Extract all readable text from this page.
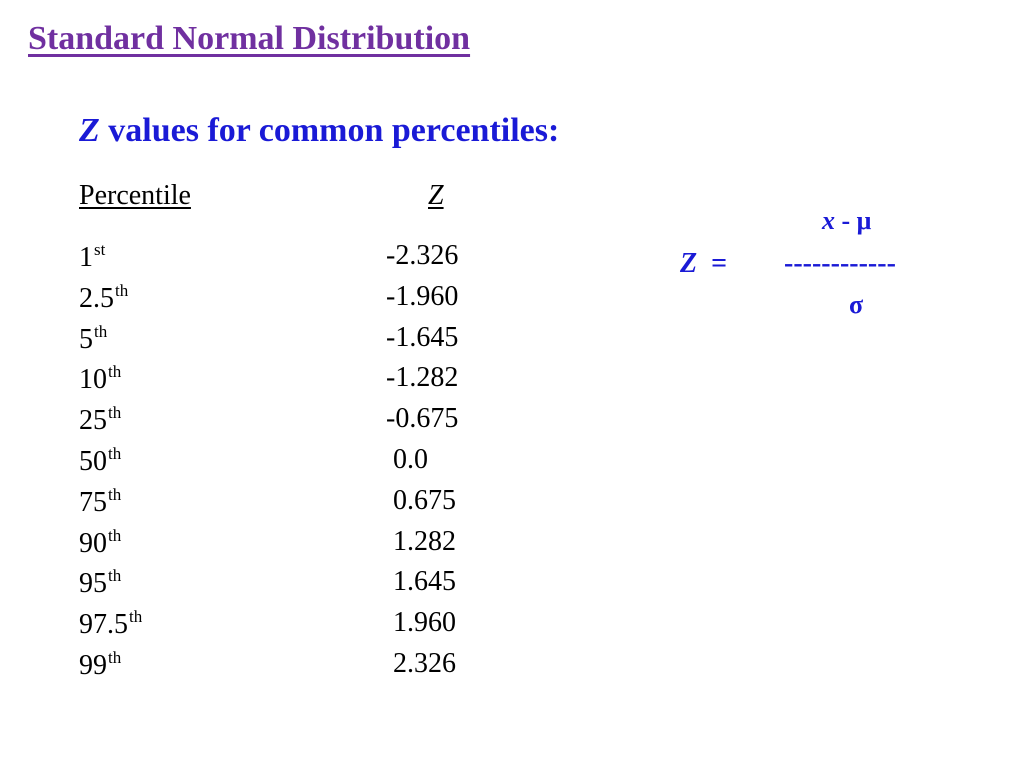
Standard Normal Distribution
Z values for common percentiles:
Percentile	Z
1st	-2.326
2.5th	-1.960
5th	-1.645
10th	-1.282
25th	-0.675
50th	0.0
75th	0.675
90th	1.282
95th	1.645
97.5th	1.960
99th	2.326
x - μ
Z  = ------------
σ
